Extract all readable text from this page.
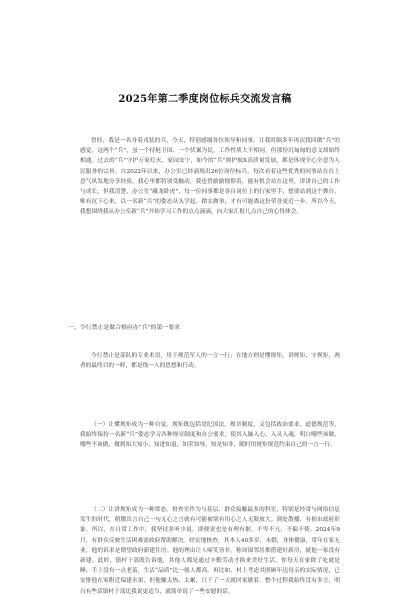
2025年第二季度岗位标兵交流发言稿

曾经，我是一名身着戎装的兵，今天，特别感谢各位领导和同事，让我时隔多年再次找回做“兵”的感觉，这两个“兵”，虽一个持枪卫国、一个伏案为民，工作性质大不相同，但那份沉甸甸的意义却始终相通。过去的“兵”守护万家灯火、家园安宁，如今的“兵”则护航X高质量发展，都是体现全心全意为人民服务的宗旨。自2022年以来，办公室已经涌现出26位岗位标兵，每次看着这些优秀的同事站在台上意气风发地分享经验，我心里都特别受触动，我也曾偷偷憧憬着，能有机会站在这里，讲讲自己的工作与成长，但我清楚，办公室“藏龙卧虎”，每一位同事都是各自岗位上的行家里手，想要站到这个舞台，唯有沉下心来，以一名新“兵”的姿态从头学起、踏实做事，才有可能离这份荣誉更近一步。所以今天，我想围绕我从办公室新“兵”开始学习工作的点点滴滴，向大家汇报几点自己的心得体会。

一、令行禁止是做合格府办“兵”的第一要求

今行禁止是部队的专业术语，用于规范军人的一言一行；在地方则是懂规矩、讲规矩、守规矩，两者的最终目的一样，都是线一人的思想和行动。

（一）让懂规矩成为一种自觉。规矩既包括党纪国法、规章制度，又包括政治要求、道德规范等，我始终保持一名新“兵”姿态学习各种规章制度和办公要求，使其入脑入心、入灵入魂，明白哪些该做、哪些不该做，做到知大知小、知进知退、知荣知辱，知是知非，随时用规矩规范约束自己的一言一行。

（二）让讲规矩成为一种常态。督查室作为与基层、群众接触最多的科室，特别是经常与网络信息发生的时代，稍微出言自己一句无心之言就有可能被别有用心之人无限放大。到处散播，有损市政府形象。所以，在日常工作中，我坚持多听少说，即便说也是有理有据、不卑不亢、不偏不倚。2024年9月，有群众反映生活困难需政府帮助解决。经实地核查，其本人40多岁，未婚，身体健康，常年在家无业，他的诉求是期望政府新建住房。他的理由让人啼笑皆非，称周围邻居都搭建好新房，就他一家没有新建。此时，镇村干部既告诉他，其他人都是通过辛勤劳动才换来美好生活，你每天在家除了吃就是睡，手上没有一点老茧，生活“品质”比一般人都高。再比如，村上考虑其照顾年迈母亲的实际情况，已安排他在家附近保建水果，但他嫌太热、太累，只干了一天就回家歇着。整个过程我始终没有多言，明白有些话镇村干部比我说更适当，就简单说了一些安慰的话。
